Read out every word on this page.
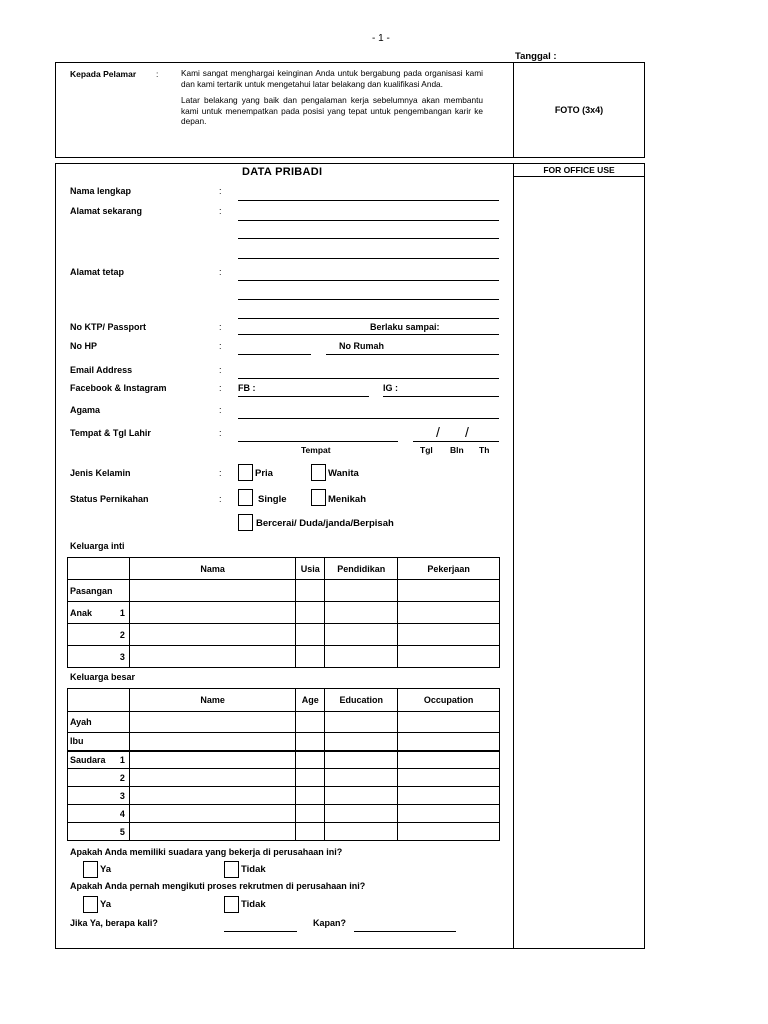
- 1 -
Tanggal :
Kepada Pelamar :	Kami sangat menghargai keinginan Anda untuk bergabung pada organisasi kami dan kami tertarik untuk mengetahui latar belakang dan kualifikasi Anda.

Latar belakang yang baik dan pengalaman kerja sebelumnya akan membantu kami untuk menempatkan pada posisi yang tepat untuk pengembangan karir ke depan.

FOTO (3x4)
FOR OFFICE USE
DATA PRIBADI
Nama lengkap	:
Alamat sekarang	:
Alamat tetap	:
No KTP/ Passport	:	Berlaku sampai:
No HP	:	No Rumah
Email Address	:
Facebook & Instagram	: FB :	IG :
Agama	:
Tempat & Tgl Lahir	:	/ /
Tempat	Tgl Bln Th
Jenis Kelamin	:	Pria	Wanita
Status Pernikahan	:	Single	Menikah
Bercerai/ Duda/janda/Berpisah
Keluarga inti
	Nama	Usia	Pendidikan	Pekerjaan
Pasangan				
Anak 1				

2				
3				
Keluarga besar
	Name	Age	Education	Occupation
Ayah				
Ibu				
Saudara 1				

2				
3				
4				
5				
Apakah Anda memiliki suadara yang bekerja di perusahaan ini?
Ya	Tidak
Apakah Anda pernah mengikuti proses rekrutmen di perusahaan ini?
Ya	Tidak
Jika Ya, berapa kali?	Kapan?
